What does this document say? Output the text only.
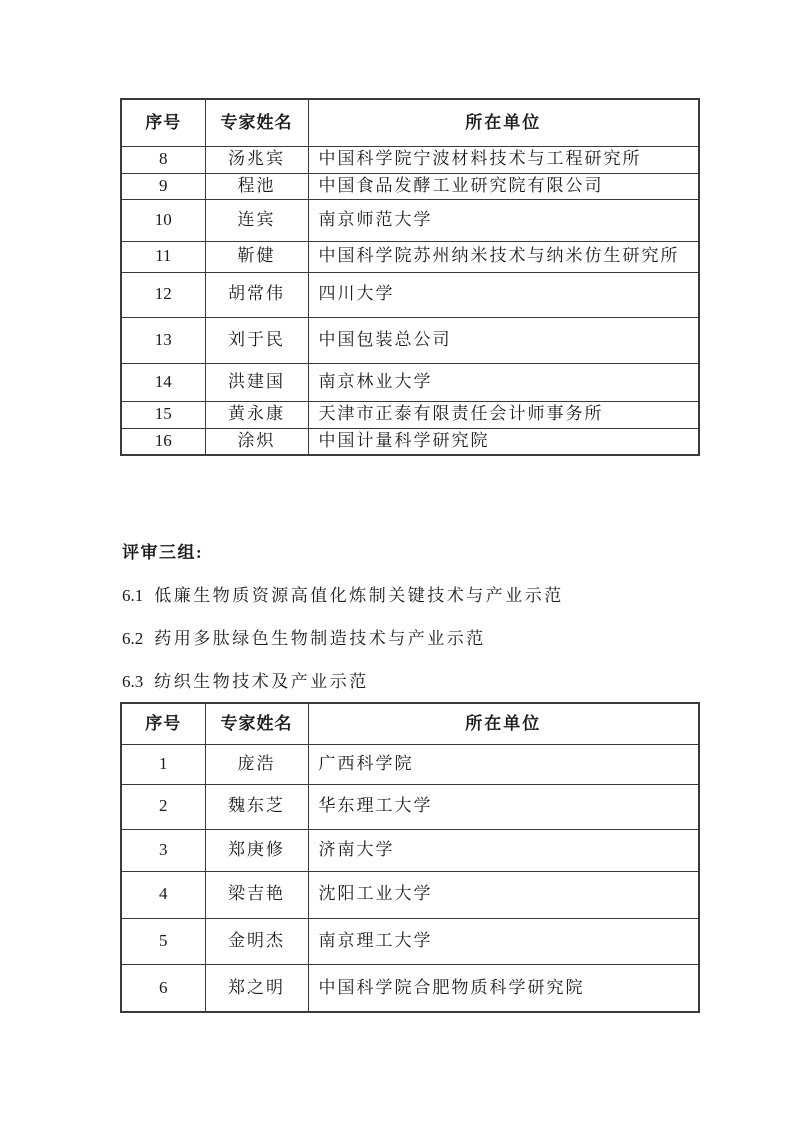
序号	专家姓名	所在单位
8	汤兆宾	中国科学院宁波材料技术与工程研究所
9	程池	中国食品发酵工业研究院有限公司
10	连宾	南京师范大学
11	靳健	中国科学院苏州纳米技术与纳米仿生研究所
12	胡常伟	四川大学
13	刘于民	中国包装总公司
14	洪建国	南京林业大学
15	黄永康	天津市正泰有限责任会计师事务所
16	涂炽	中国计量科学研究院
评审三组:
6.1 低廉生物质资源高值化炼制关键技术与产业示范
6.2 药用多肽绿色生物制造技术与产业示范
6.3 纺织生物技术及产业示范
序号	专家姓名	所在单位
1	庞浩	广西科学院
2	魏东芝	华东理工大学
3	郑庚修	济南大学
4	梁吉艳	沈阳工业大学
5	金明杰	南京理工大学
6	郑之明	中国科学院合肥物质科学研究院
